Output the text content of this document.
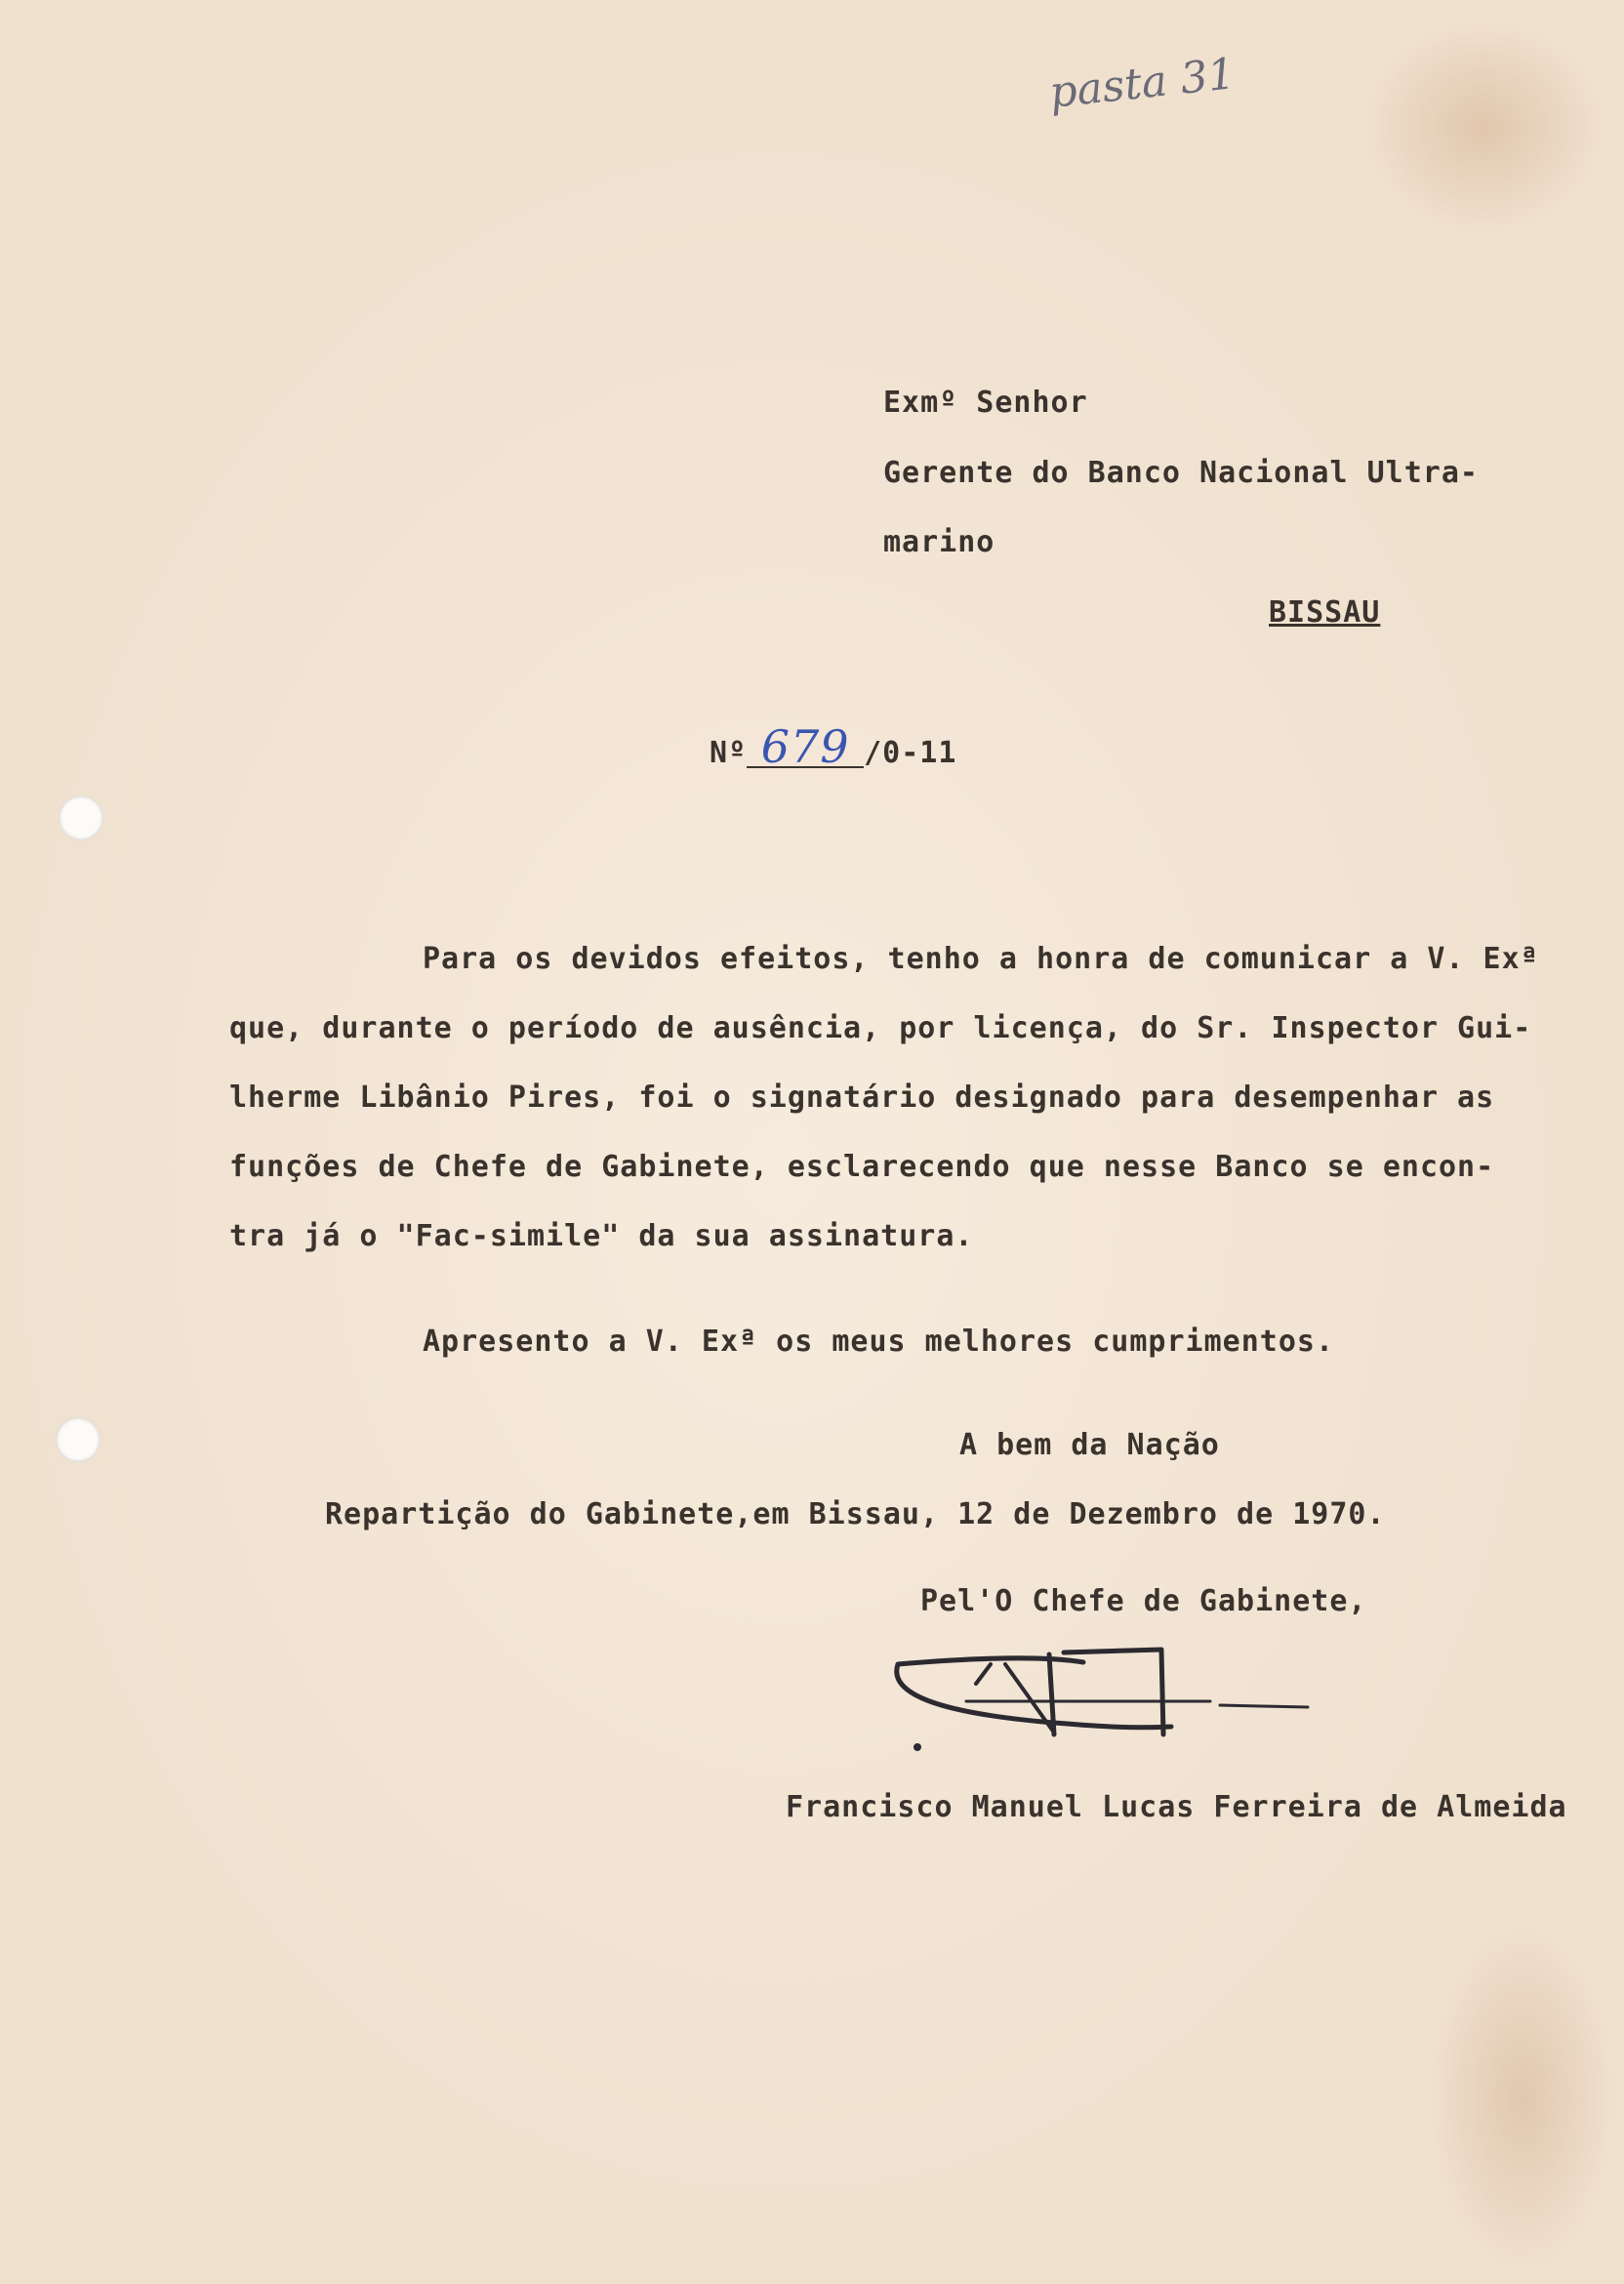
pasta 31
Exmº Senhor
Gerente do Banco Nacional Ultra-
marino
BISSAU
Nº 679 /0-11
Para os devidos efeitos, tenho a honra de comunicar a V. Exª
que, durante o período de ausência, por licença, do Sr. Inspector Gui-
lherme Libânio Pires, foi o signatário designado para desempenhar as
funções de Chefe de Gabinete, esclarecendo que nesse Banco se encon-
tra já o "Fac-simile" da sua assinatura.
Apresento a V. Exª os meus melhores cumprimentos.
A bem da Nação
Repartição do Gabinete,em Bissau, 12 de Dezembro de 1970.
Pel'O Chefe de Gabinete,
Francisco Manuel Lucas Ferreira de Almeida
